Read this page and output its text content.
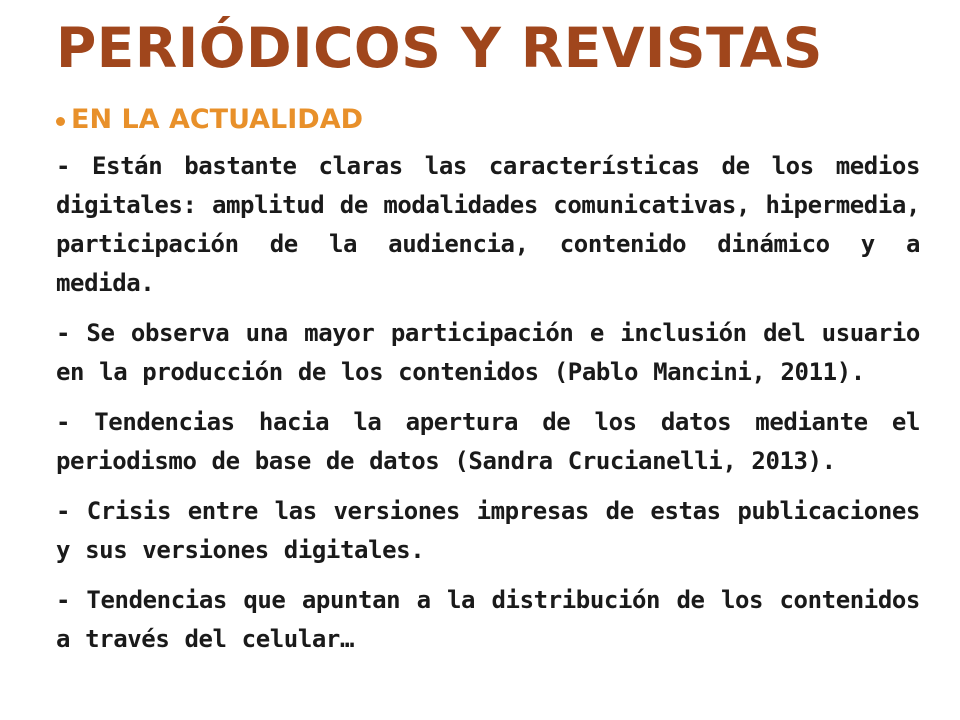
PERIÓDICOS Y REVISTAS
EN LA ACTUALIDAD

- Están bastante claras las características de los medios digitales: amplitud de modalidades comunicativas, hipermedia, participación de la audiencia, contenido dinámico y a medida.

- Se observa una mayor participación e inclusión del usuario en la producción de los contenidos (Pablo Mancini, 2011).

- Tendencias hacia la apertura de los datos mediante el periodismo de base de datos (Sandra Crucianelli, 2013).

- Crisis entre las versiones impresas de estas publicaciones y sus versiones digitales.

- Tendencias que apuntan a la distribución de los contenidos a través del celular…
